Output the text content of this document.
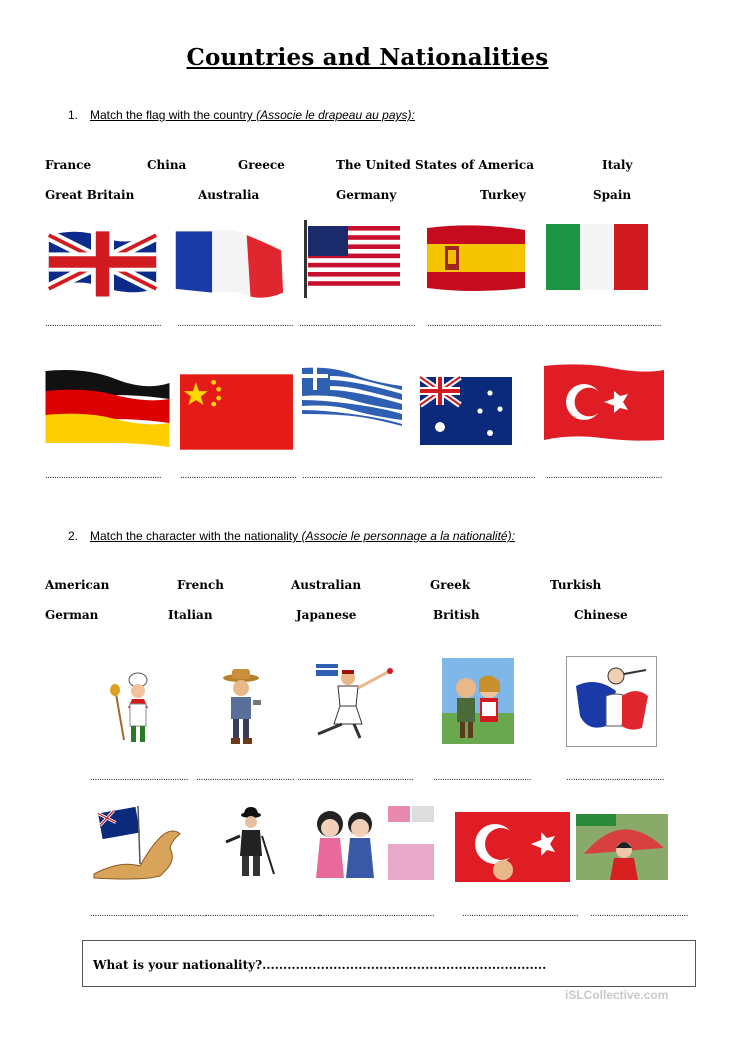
Countries and Nationalities
1. Match the flag with the country (Associe le drapeau au pays):
France	China	Greece	The United States of America	Italy
Great Britain	Australia	Germany	Turkey	Spain
...................................................	................................................... ...................................................	................................................... ...................................................
...................................................	................................................... ................................................... ................................................... ...................................................
2. Match the character with the nationality (Associe le personnage a la nationalité):
American	French	Australian	Greek	Turkish
German	Italian	Japanese	British	Chinese
........................................... ........................................... ................................................... ...........................................	...........................................
...................................................
...................................................
...................................................	...................................................	...........................................
What is your nationality?....................................................................
iSLCollective.com
